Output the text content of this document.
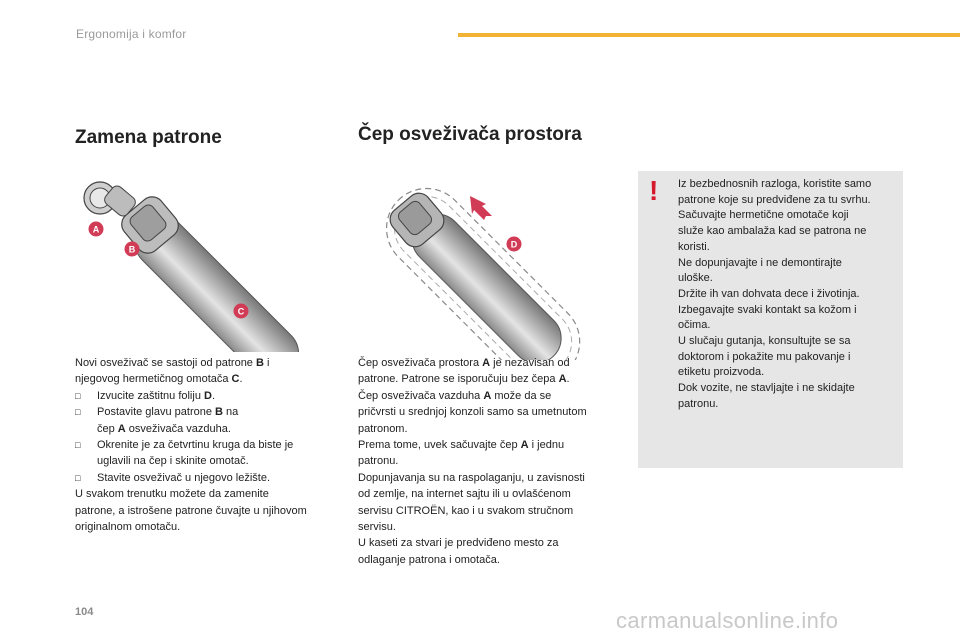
Ergonomija i komfor
A
B
C
Zamena patrone
D
Čep osveživača prostora

Novi osveživač se sastoji od patrone B i

njegovog hermetičnog omotača C.

□	Izvucite zaštitnu foliju D.
□	Postavite glavu patrone B na
čep A osveživača vazduha.
□	Okrenite je za četvrtinu kruga da biste je
uglavili na čep i skinite omotač.
□	Stavite osveživač u njegovo ležište.

U svakom trenutku možete da zamenite

patrone, a istrošene patrone čuvajte u njihovom

originalnom omotaču.

Čep osveživača prostora A je nezavisan od

patrone. Patrone se isporučuju bez čepa A.

Čep osveživača vazduha A može da se

pričvrsti u srednjoj konzoli samo sa umetnutom

patronom.

Prema tome, uvek sačuvajte čep A i jednu

patronu.

Dopunjavanja su na raspolaganju, u zavisnosti

od zemlje, na internet sajtu ili u ovlašćenom

servisu CITROËN, kao i u svakom stručnom

servisu.

U kaseti za stvari je predviđeno mesto za

odlaganje patrona i omotača.

! Iz bezbednosnih razloga, koristite samo

patrone koje su predviđene za tu svrhu.

Sačuvajte hermetične omotače koji

služe kao ambalaža kad se patrona ne

koristi.

Ne dopunjavajte i ne demontirajte

uloške.

Držite ih van dohvata dece i životinja.

Izbegavajte svaki kontakt sa kožom i

očima.

U slučaju gutanja, konsultujte se sa

doktorom i pokažite mu pakovanje i

etiketu proizvoda.

Dok vozite, ne stavljajte i ne skidajte

patronu.

104	carmanualsonline.info
